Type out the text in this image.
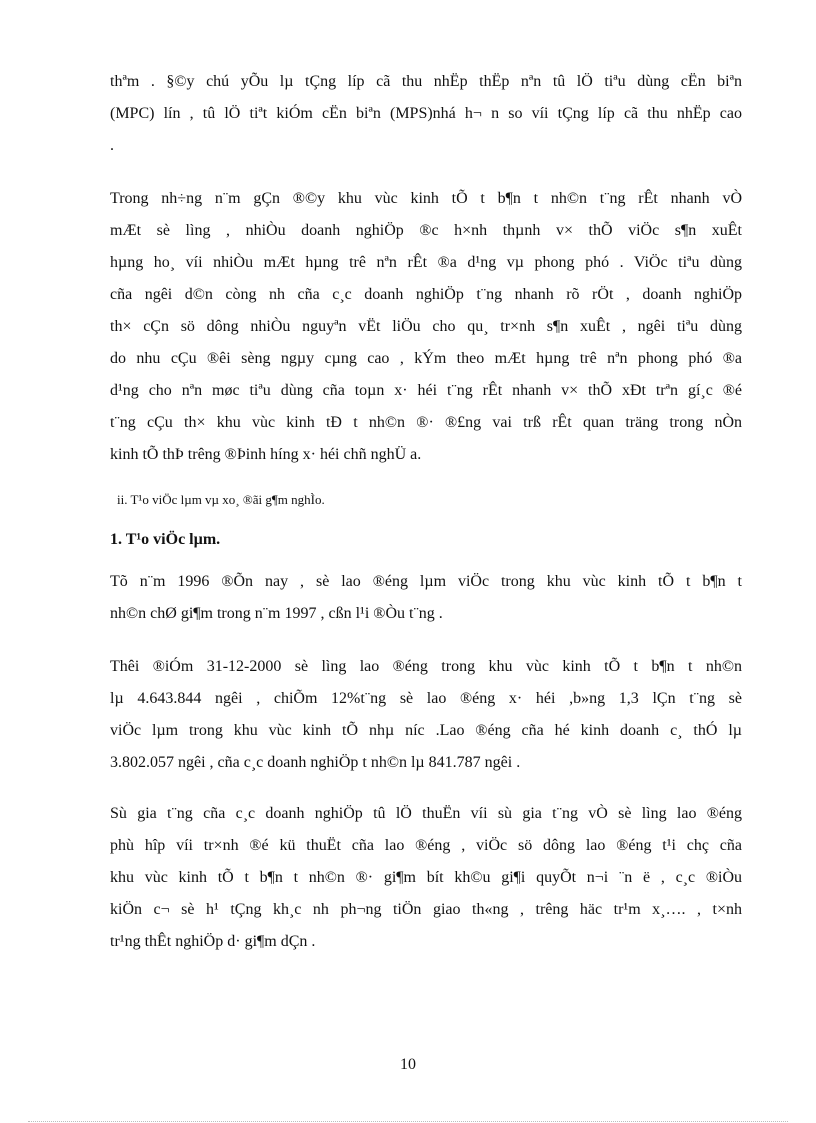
thªm . §©y chú yÕu lµ tÇng líp cã thu nhËp thËp nªn tû lÖ tiªu dùng cËn biªn
(MPC) lín , tû lÖ tiªt kiÓm cËn biªn (MPS)nhá h¬ n so víi tÇng líp cã thu nhËp cao
.
Trong nh÷ng n¨m gÇn ®©y khu vùc kinh tÕ t b¶n t nh©n t¨ng rÊt nhanh vÒ
mÆt sè lìng , nhiÒu doanh nghiÖp ®c h×nh thµnh v× thÕ viÖc s¶n xuÊt
hµng ho¸ víi nhiÒu mÆt hµng trê nªn rÊt ®a d¹ng vµ phong phó . ViÖc tiªu dùng
cña ngêi d©n còng nh cña c¸c doanh nghiÖp t¨ng nhanh rõ rÖt , doanh nghiÖp
th× cÇn sö dông nhiÒu nguyªn vËt liÖu cho qu¸ tr×nh s¶n xuÊt , ngêi tiªu dùng
do nhu cÇu ®êi sèng ngµy cµng cao , kÝm theo mÆt hµng trê nªn phong phó ®a
d¹ng cho nªn møc tiªu dùng cña toµn x· héi t¨ng rÊt nhanh v× thÕ xÐt trªn gí¸c ®é
t¨ng cÇu th× khu vùc kinh tÐ t nh©n ®· ®£ng vai trß rÊt quan träng trong nÒn
kinh tÕ thÞ trêng ®Þinh híng x· héi chñ nghÜ a.
ii. T¹o viÖc lµm vµ xo¸ ®ãi g¶m nghÌo.
1. T¹o viÖc lµm.
Tõ n¨m 1996 ®Õn nay , sè lao ®éng lµm viÖc trong khu vùc kinh tÕ t b¶n t
nh©n chØ gi¶m trong n¨m 1997 , cßn l¹i ®Òu t¨ng .
Thêi ®iÓm 31-12-2000 sè lìng lao ®éng trong khu vùc kinh tÕ t b¶n t nh©n
lµ 4.643.844 ngêi , chiÕm 12%t¨ng sè lao ®éng x· héi ,b»ng 1,3 lÇn t¨ng sè
viÖc lµm trong khu vùc kinh tÕ nhµ níc .Lao ®éng cña hé kinh doanh c¸ thÓ lµ
3.802.057 ngêi , cña c¸c doanh nghiÖp t nh©n lµ 841.787 ngêi .
Sù gia t¨ng cña c¸c doanh nghiÖp tû lÖ thuËn víi sù gia t¨ng vÒ sè lìng lao ®éng
phù hîp víi tr×nh ®é kü thuËt cña lao ®éng , viÖc sö dông lao ®éng t¹i chç cña
khu vùc kinh tÕ t b¶n t nh©n ®· gi¶m bít kh©u gi¶i quyÕt n¬i ¨n ë , c¸c ®iÒu
kiÖn c¬ sè h¹ tÇng kh¸c nh ph¬ng tiÖn giao th«ng , trêng häc tr¹m x¸…. , t×nh
tr¹ng thÊt nghiÖp d· gi¶m dÇn .
10
